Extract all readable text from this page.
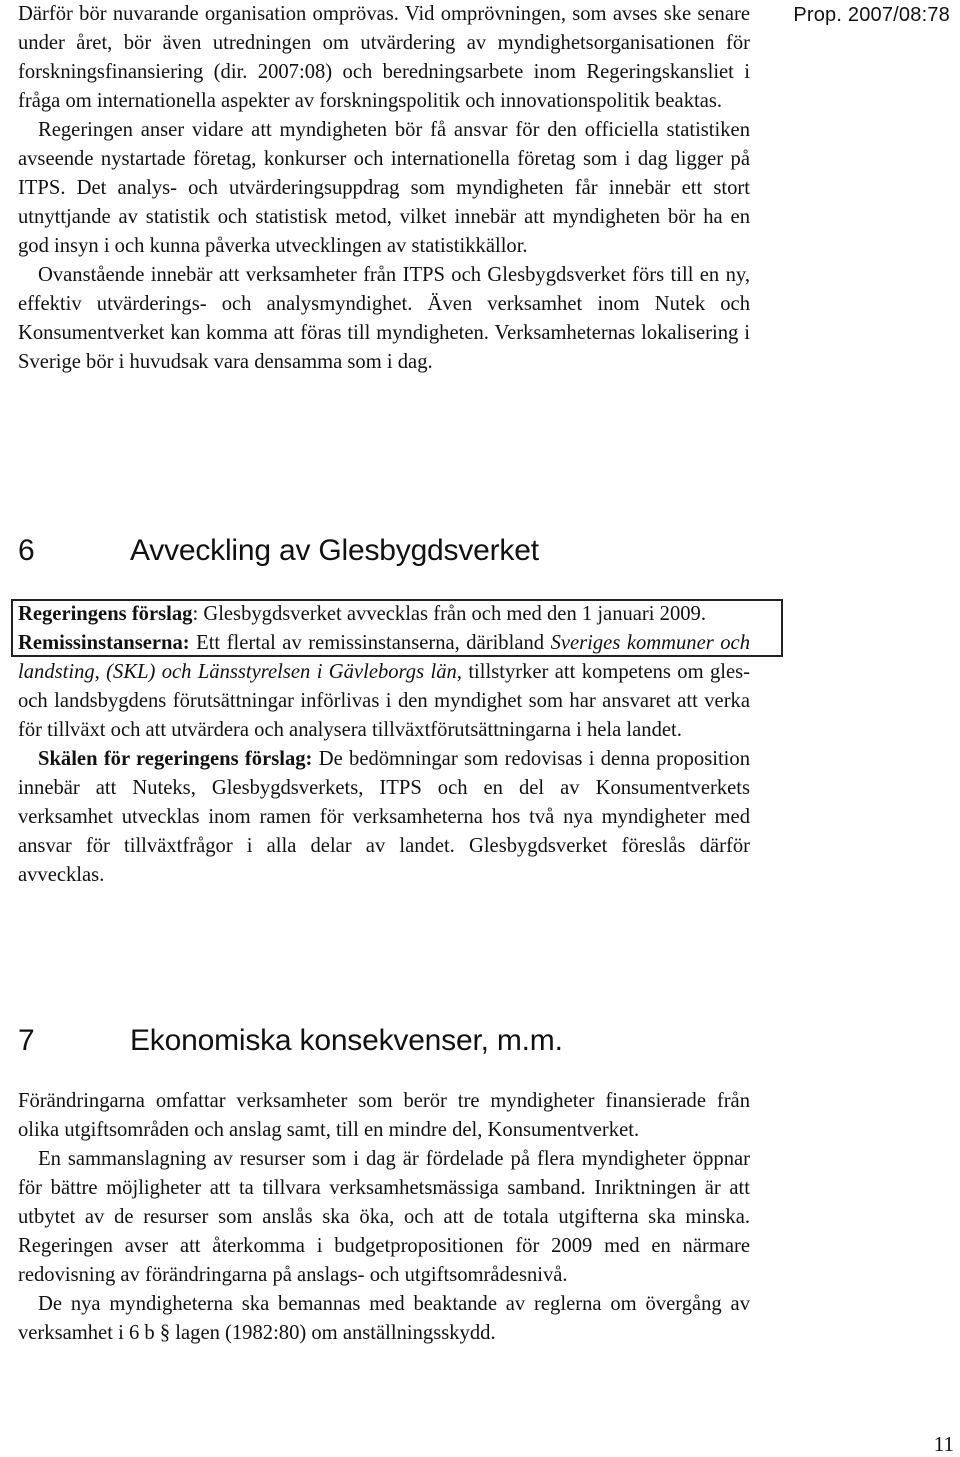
Prop. 2007/08:78

Därför bör nuvarande organisation omprövas. Vid omprövningen, som avses ske senare under året, bör även utredningen om utvärdering av myndighetsorganisationen för forskningsfinansiering (dir. 2007:08) och beredningsarbete inom Regeringskansliet i fråga om internationella aspekter av forskningspolitik och innovationspolitik beaktas.

Regeringen anser vidare att myndigheten bör få ansvar för den officiella statistiken avseende nystartade företag, konkurser och internationella företag som i dag ligger på ITPS. Det analys- och utvärderingsuppdrag som myndigheten får innebär ett stort utnyttjande av statistik och statistisk metod, vilket innebär att myndigheten bör ha en god insyn i och kunna påverka utvecklingen av statistikkällor.

Ovanstående innebär att verksamheter från ITPS och Glesbygdsverket förs till en ny, effektiv utvärderings- och analysmyndighet. Även verksamhet inom Nutek och Konsumentverket kan komma att föras till myndigheten. Verksamheternas lokalisering i Sverige bör i huvudsak vara densamma som i dag.

6	Avveckling av Glesbygdsverket

Regeringens förslag: Glesbygdsverket avvecklas från och med den 1 januari 2009.

Remissinstanserna: Ett flertal av remissinstanserna, däribland Sveriges kommuner och landsting, (SKL) och Länsstyrelsen i Gävleborgs län, tillstyrker att kompetens om gles- och landsbygdens förutsättningar införlivas i den myndighet som har ansvaret att verka för tillväxt och att utvärdera och analysera tillväxtförutsättningarna i hela landet.

Skälen för regeringens förslag: De bedömningar som redovisas i denna proposition innebär att Nuteks, Glesbygdsverkets, ITPS och en del av Konsumentverkets verksamhet utvecklas inom ramen för verksamheterna hos två nya myndigheter med ansvar för tillväxtfrågor i alla delar av landet. Glesbygdsverket föreslås därför avvecklas.

7	Ekonomiska konsekvenser, m.m.

Förändringarna omfattar verksamheter som berör tre myndigheter finansierade från olika utgiftsområden och anslag samt, till en mindre del, Konsumentverket.

En sammanslagning av resurser som i dag är fördelade på flera myndigheter öppnar för bättre möjligheter att ta tillvara verksamhetsmässiga samband. Inriktningen är att utbytet av de resurser som anslås ska öka, och att de totala utgifterna ska minska. Regeringen avser att återkomma i budgetpropositionen för 2009 med en närmare redovisning av förändringarna på anslags- och utgiftsområdesnivå.

De nya myndigheterna ska bemannas med beaktande av reglerna om övergång av verksamhet i 6 b § lagen (1982:80) om anställningsskydd.

11
